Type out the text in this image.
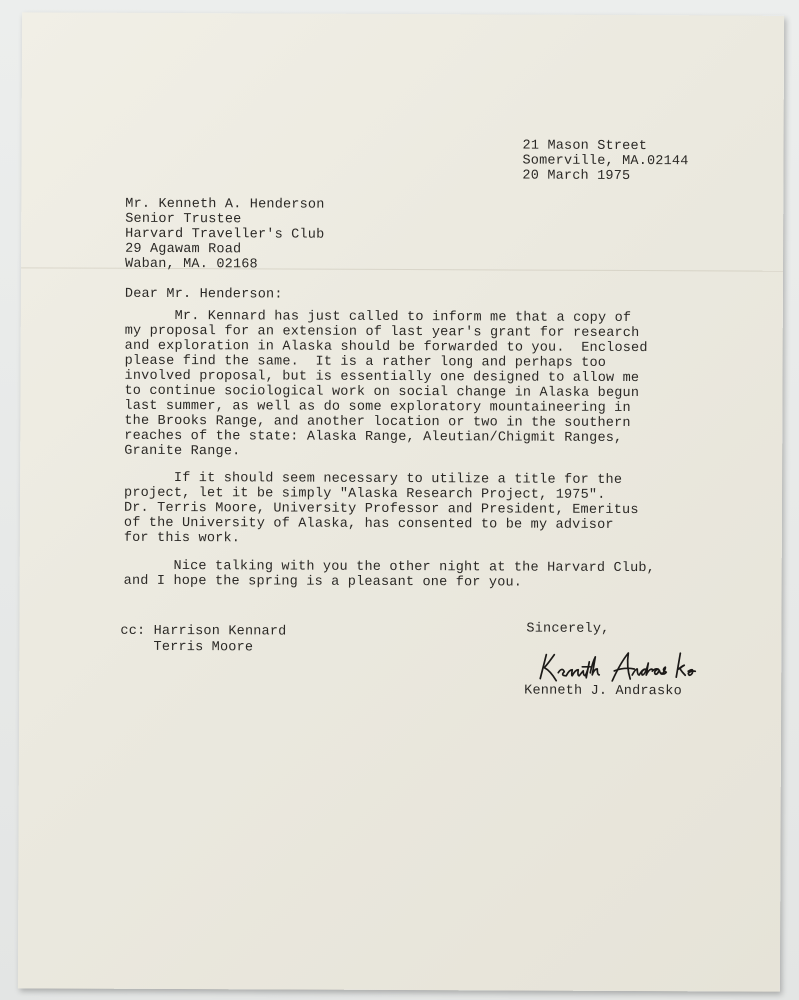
21 Mason Street

Somerville, MA.02144

20 March 1975

Mr. Kenneth A. Henderson

Senior Trustee

Harvard Traveller's Club

29 Agawam Road

Waban, MA. 02168

Dear Mr. Henderson:

Mr. Kennard has just called to inform me that a copy of

my proposal for an extension of last year's grant for research

and exploration in Alaska should be forwarded to you.  Enclosed

please find the same.  It is a rather long and perhaps too

involved proposal, but is essentially one designed to allow me

to continue sociological work on social change in Alaska begun

last summer, as well as do some exploratory mountaineering in

the Brooks Range, and another location or two in the southern

reaches of the state: Alaska Range, Aleutian/Chigmit Ranges,

Granite Range.

If it should seem necessary to utilize a title for the

project, let it be simply "Alaska Research Project, 1975".

Dr. Terris Moore, University Professor and President, Emeritus

of the University of Alaska, has consented to be my advisor

for this work.

Nice talking with you the other night at the Harvard Club,

and I hope the spring is a pleasant one for you.

cc: Harrison Kennard

Terris Moore

Sincerely,

Kenneth J. Andrasko
